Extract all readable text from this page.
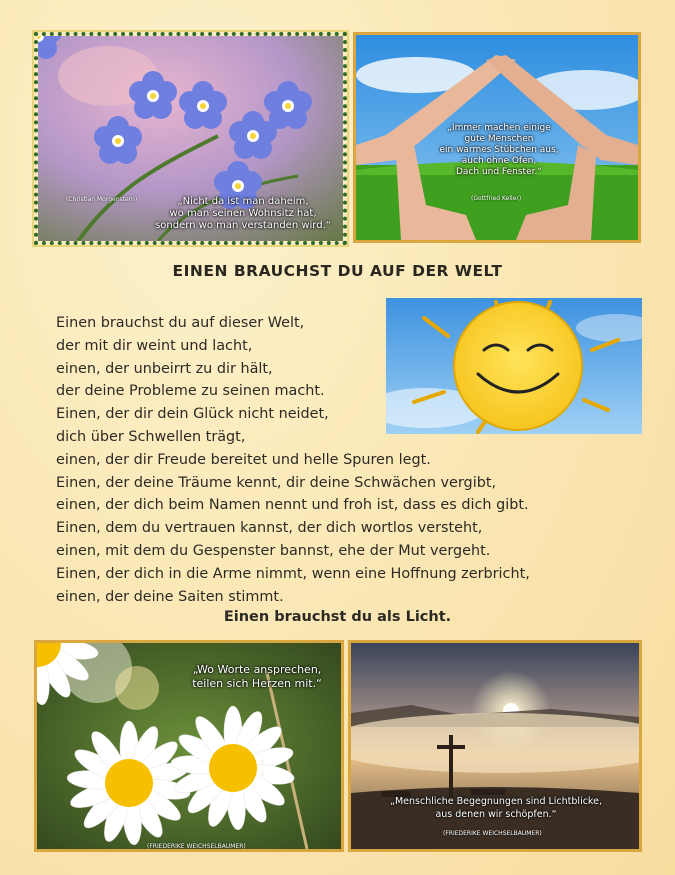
(Christian Morgenstern)	„Nicht da ist man daheim,
wo man seinen Wohnsitz hat,
sondern wo man verstanden wird.“
„Immer machen einige
gute Menschen
ein warmes Stübchen aus,
auch ohne Ofen,
Dach und Fenster.“
(Gottfried Keller)
EINEN BRAUCHST DU AUF DER WELT
Einen brauchst du auf dieser Welt,
der mit dir weint und lacht,
einen, der unbeirrt zu dir hält,
der deine Probleme zu seinen macht.
Einen, der dir dein Glück nicht neidet,
dich über Schwellen trägt,
einen, der dir Freude bereitet und helle Spuren legt.
Einen, der deine Träume kennt, dir deine Schwächen vergibt,
einen, der dich beim Namen nennt und froh ist, dass es dich gibt.
Einen, dem du vertrauen kannst, der dich wortlos versteht,
einen, mit dem du Gespenster bannst, ehe der Mut vergeht.
Einen, der dich in die Arme nimmt, wenn eine Hoffnung zerbricht,
einen, der deine Saiten stimmt.
Einen brauchst du als Licht.
„Wo Worte ansprechen,
teilen sich Herzen mit.“
(FRIEDERIKE WEICHSELBAUMER)
„Menschliche Begegnungen sind Lichtblicke,
aus denen wir schöpfen.“
(FRIEDERIKE WEICHSELBAUMER)
